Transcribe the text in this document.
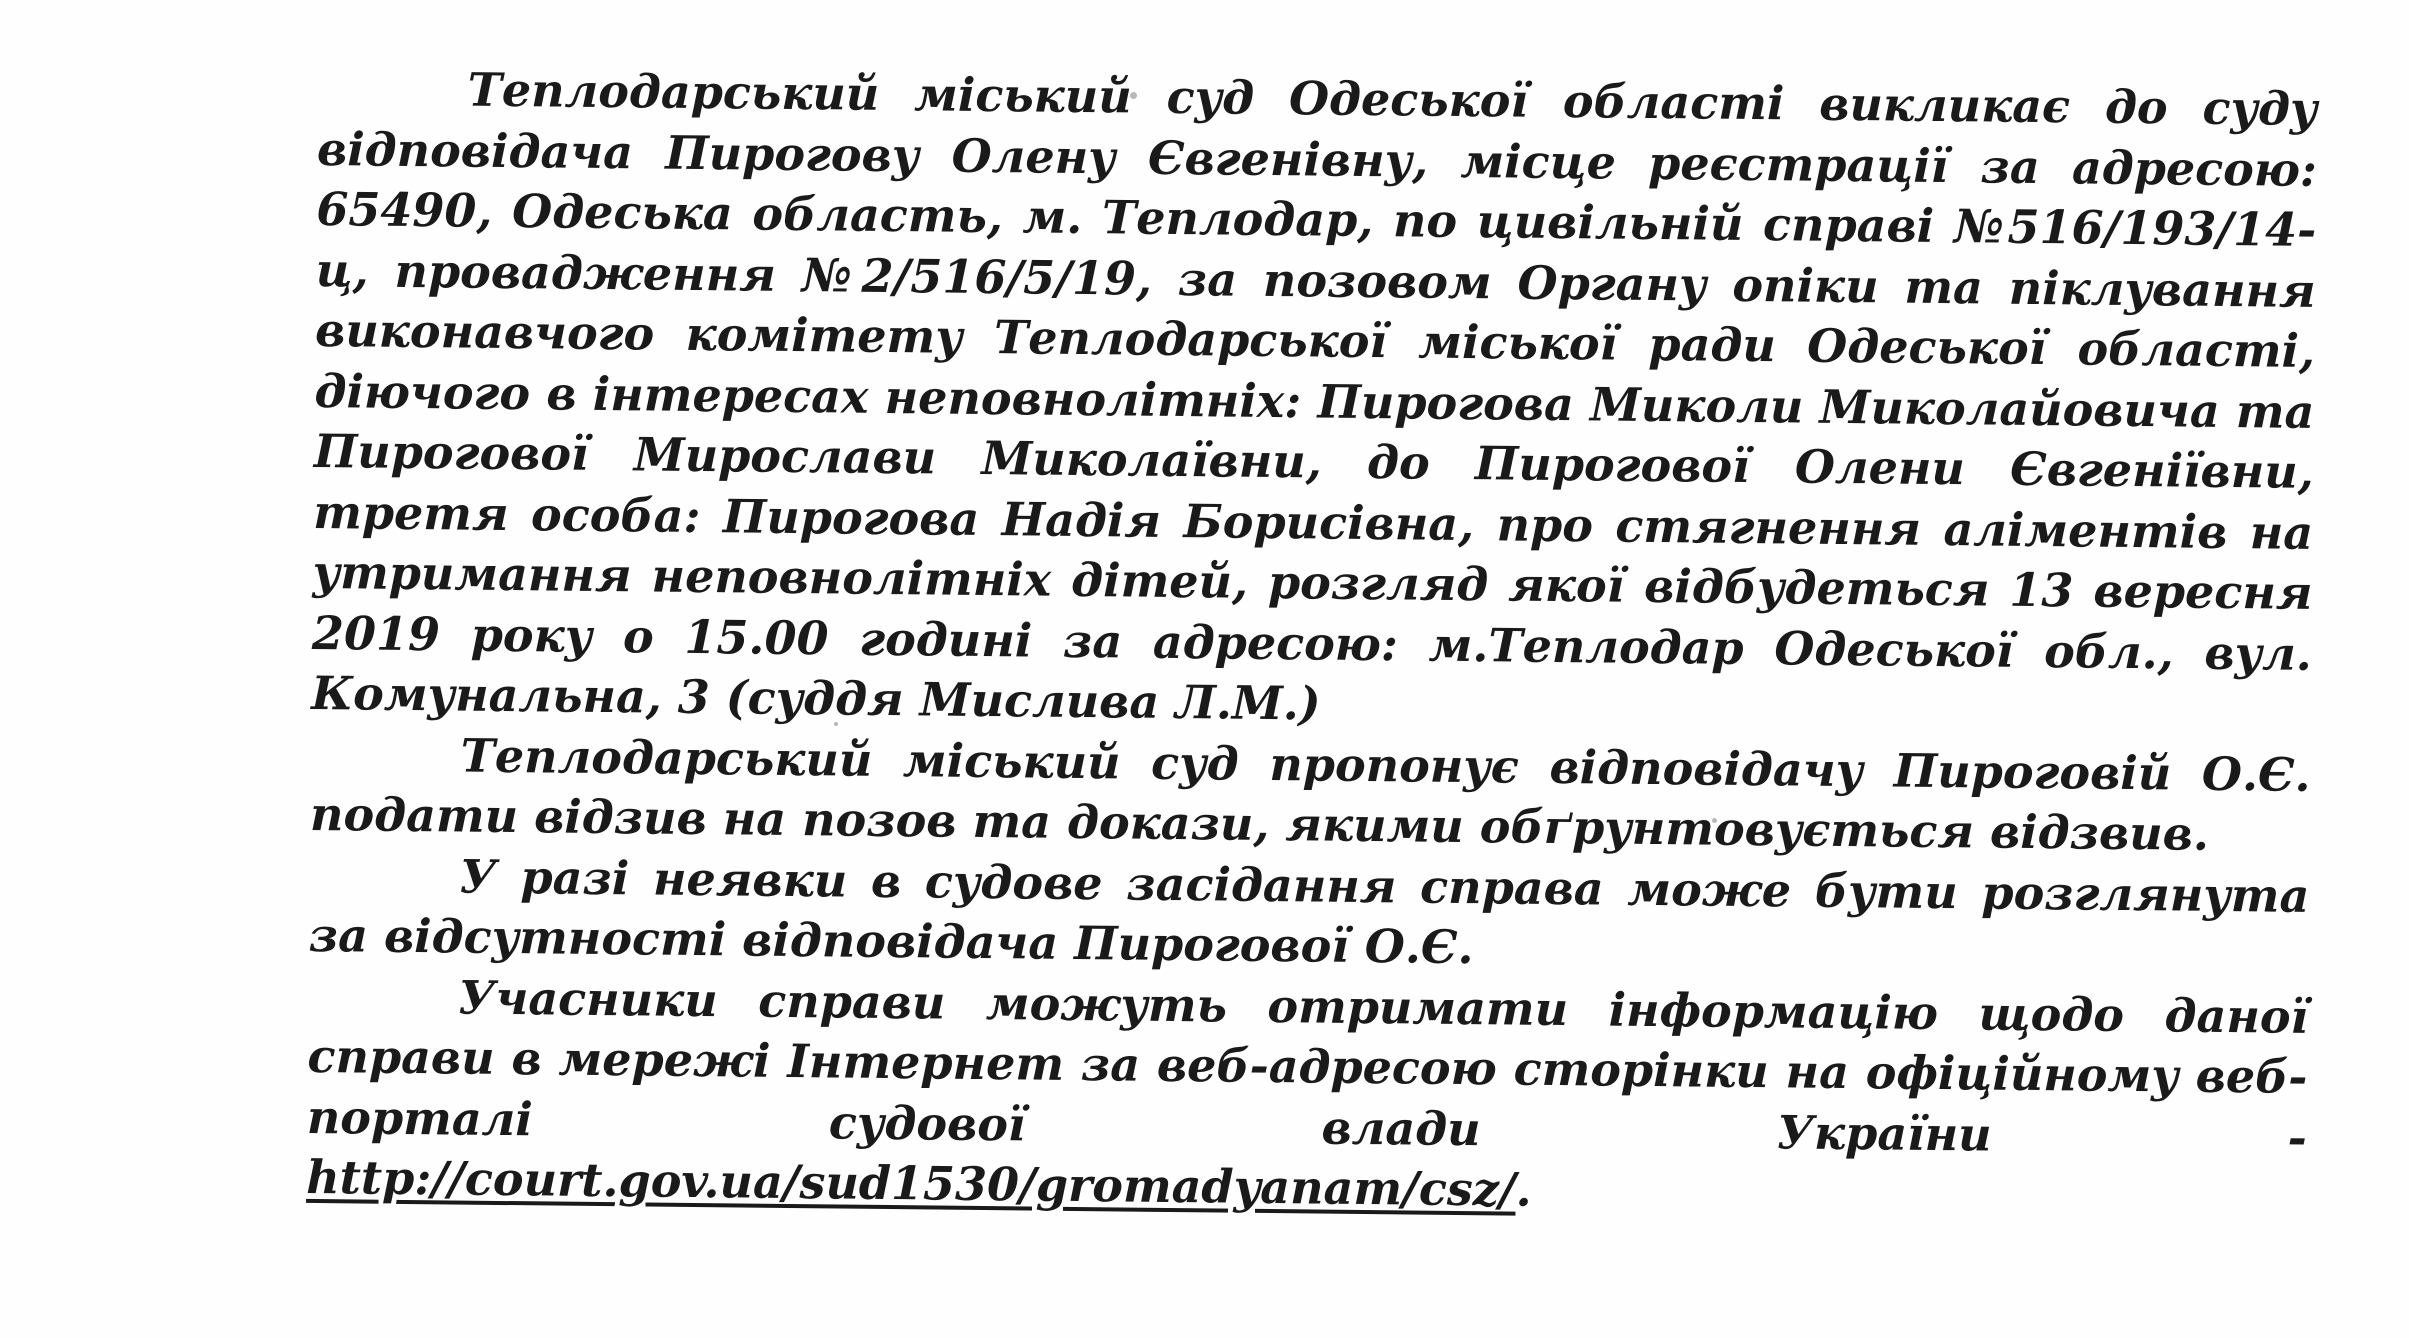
Теплодарський міський суд Одеської області викликає до суду відповідача Пирогову Олену Євгенівну, місце реєстрації за адресою: 65490, Одеська область, м. Теплодар, по цивільній справі №516/193/14-ц, провадження №2/516/5/19, за позовом Органу опіки та піклування виконавчого комітету Теплодарської міської ради Одеської області, діючого в інтересах неповнолітніх: Пирогова Миколи Миколайовича та Пирогової Мирослави Миколаївни, до Пирогової Олени Євгеніївни, третя особа: Пирогова Надія Борисівна, про стягнення аліментів на утримання неповнолітніх дітей, розгляд якої відбудеться 13 вересня 2019 року о 15.00 годині за адресою: м.Теплодар Одеської обл., вул. Комунальна, 3 (суддя Мислива Л.М.)

Теплодарський міський суд пропонує відповідачу Пироговій О.Є. подати відзив на позов та докази, якими обґрунтовується відзвив.

У разі неявки в судове засідання справа може бути розглянута за відсутності відповідача Пирогової О.Є.

Учасники справи можуть отримати інформацію щодо даної справи в мережі Інтернет за веб-адресою сторінки на офіційному веб-порталі судової влади України - http://court.gov.ua/sud1530/gromadyanam/csz/.
